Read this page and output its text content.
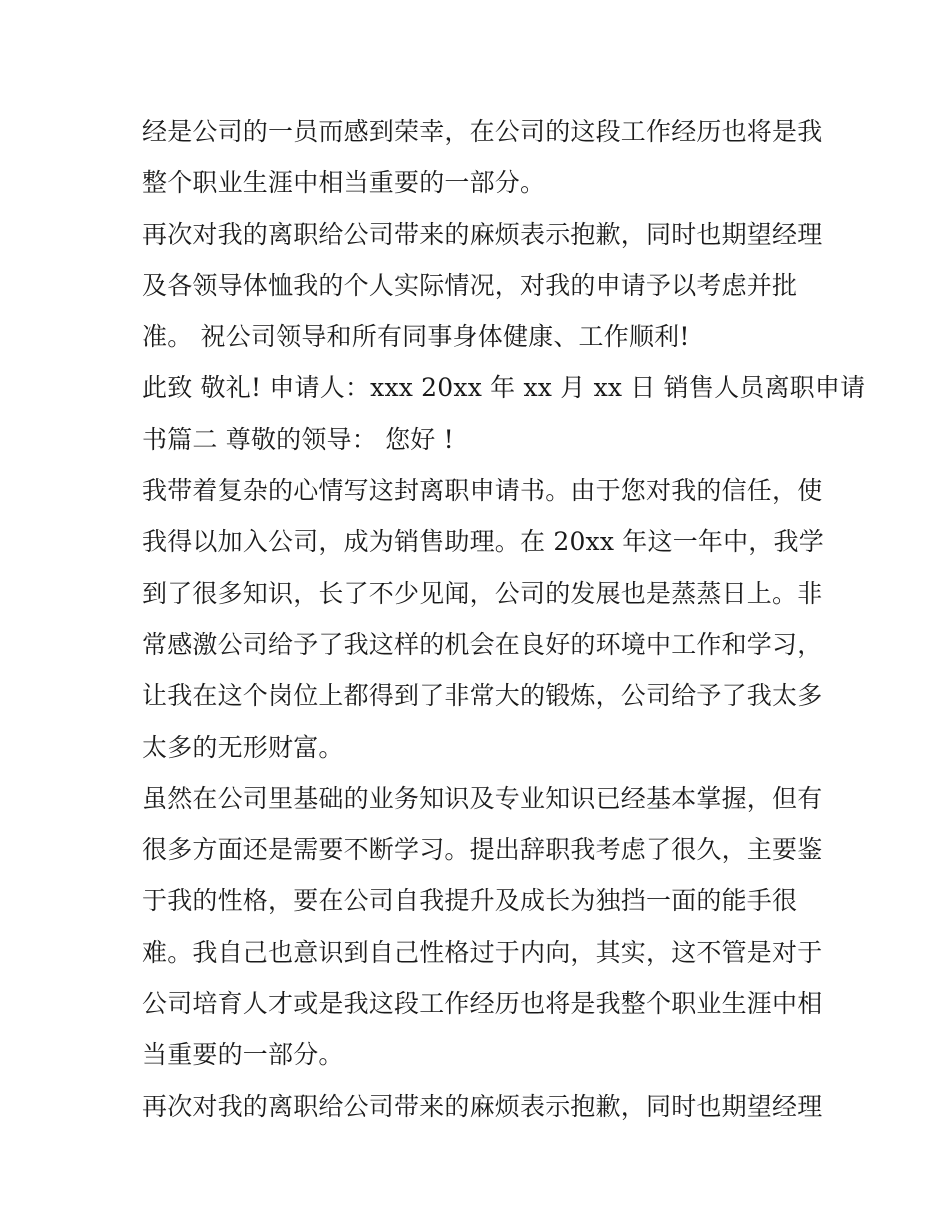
经是公司的一员而感到荣幸，在公司的这段工作经历也将是我
整个职业生涯中相当重要的一部分。
再次对我的离职给公司带来的麻烦表示抱歉，同时也期望经理
及各领导体恤我的个人实际情况，对我的申请予以考虑并批
准。 祝公司领导和所有同事身体健康、工作顺利!
此致 敬礼! 申请人：xxx 20xx 年 xx 月 xx 日 销售人员离职申请
书篇二 尊敬的领导： 您好 !
我带着复杂的心情写这封离职申请书。由于您对我的信任，使
我得以加入公司，成为销售助理。在 20xx 年这一年中，我学
到了很多知识，长了不少见闻，公司的发展也是蒸蒸日上。非
常感激公司给予了我这样的机会在良好的环境中工作和学习，
让我在这个岗位上都得到了非常大的锻炼，公司给予了我太多
太多的无形财富。
虽然在公司里基础的业务知识及专业知识已经基本掌握，但有
很多方面还是需要不断学习。提出辞职我考虑了很久，主要鉴
于我的性格，要在公司自我提升及成长为独挡一面的能手很
难。我自己也意识到自己性格过于内向，其实，这不管是对于
公司培育人才或是我这段工作经历也将是我整个职业生涯中相
当重要的一部分。
再次对我的离职给公司带来的麻烦表示抱歉，同时也期望经理
